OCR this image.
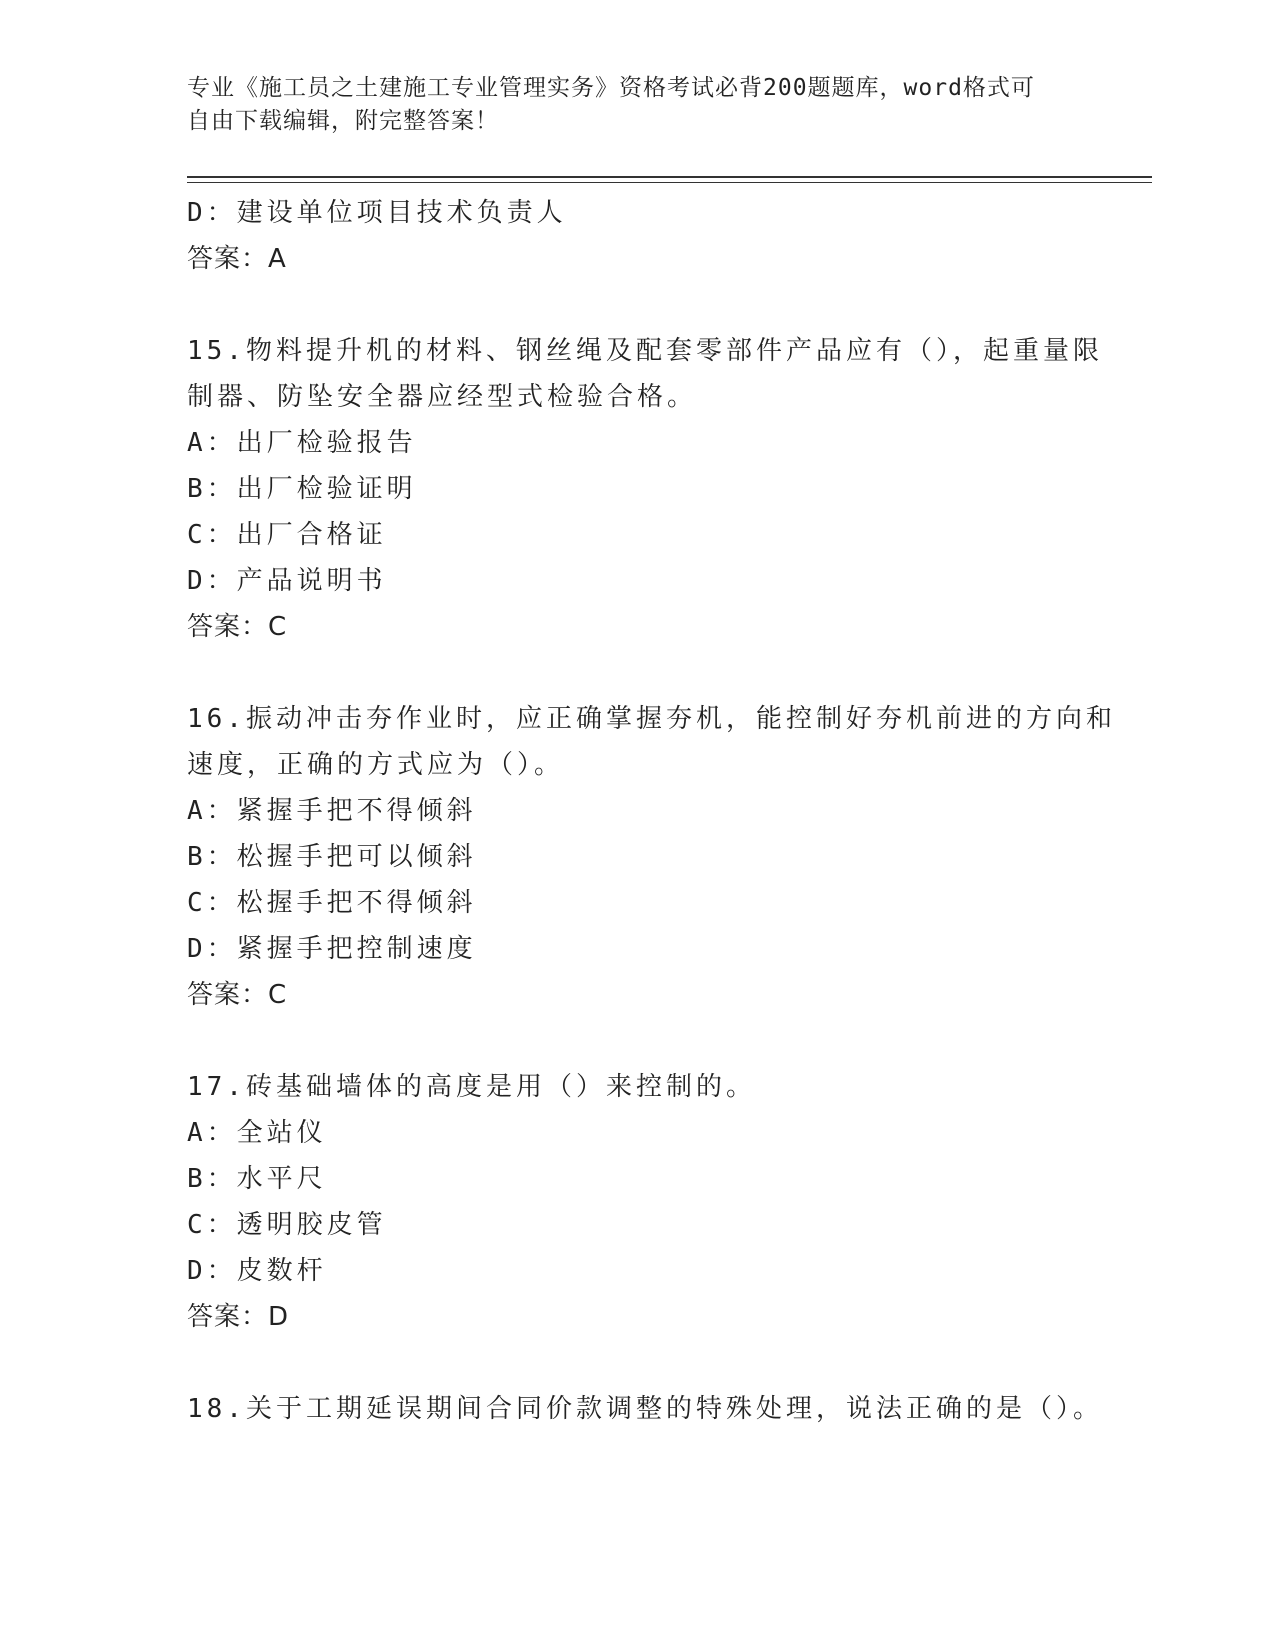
专业《施工员之土建施工专业管理实务》资格考试必背200题题库，word格式可
自由下载编辑，附完整答案！
D：建设单位项目技术负责人
答案：A
15.物料提升机的材料、钢丝绳及配套零部件产品应有（），起重量限
制器、防坠安全器应经型式检验合格。
A：出厂检验报告
B：出厂检验证明
C：出厂合格证
D：产品说明书
答案：C
16.振动冲击夯作业时，应正确掌握夯机，能控制好夯机前进的方向和
速度，正确的方式应为（）。
A：紧握手把不得倾斜
B：松握手把可以倾斜
C：松握手把不得倾斜
D：紧握手把控制速度
答案：C
17.砖基础墙体的高度是用（）来控制的。
A：全站仪
B：水平尺
C：透明胶皮管
D：皮数杆
答案：D
18.关于工期延误期间合同价款调整的特殊处理，说法正确的是（）。
